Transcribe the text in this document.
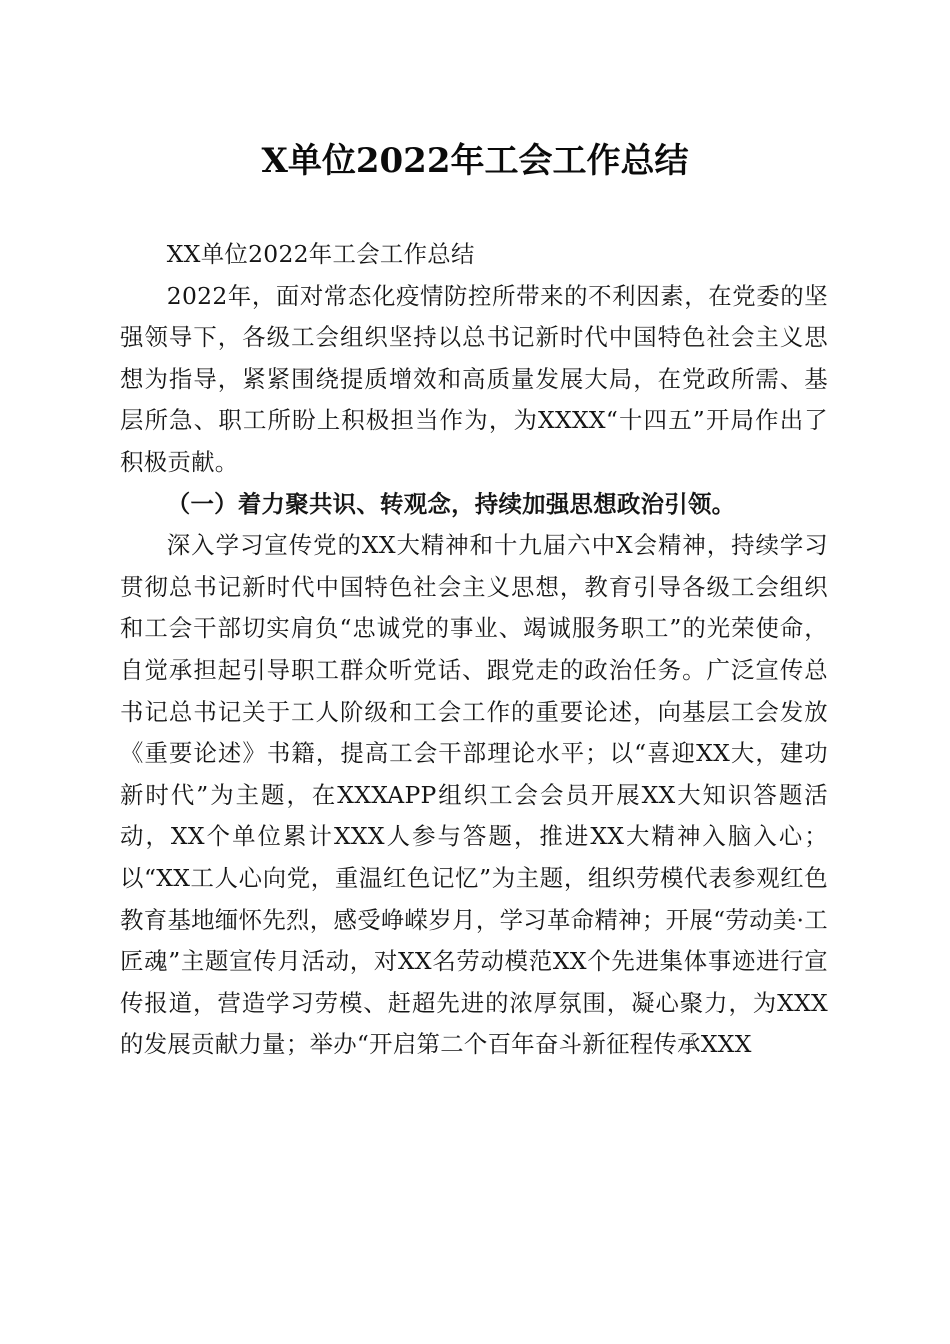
X单位2022年工会工作总结

XX单位2022年工会工作总结

2022年，面对常态化疫情防控所带来的不利因素，在党委的坚强领导下，各级工会组织坚持以总书记新时代中国特色社会主义思想为指导，紧紧围绕提质增效和高质量发展大局，在党政所需、基层所急、职工所盼上积极担当作为，为XXXX“十四五”开局作出了积极贡献。

（一）着力聚共识、转观念，持续加强思想政治引领。

深入学习宣传党的XX大精神和十九届六中X会精神，持续学习贯彻总书记新时代中国特色社会主义思想，教育引导各级工会组织和工会干部切实肩负“忠诚党的事业、竭诚服务职工”的光荣使命，自觉承担起引导职工群众听党话、跟党走的政治任务。广泛宣传总书记总书记关于工人阶级和工会工作的重要论述，向基层工会发放《重要论述》书籍，提高工会干部理论水平；以“喜迎XX大，建功新时代”为主题，在XXXAPP组织工会会员开展XX大知识答题活动，XX个单位累计XXX人参与答题，推进XX大精神入脑入心；以“XX工人心向党，重温红色记忆”为主题，组织劳模代表参观红色教育基地缅怀先烈，感受峥嵘岁月，学习革命精神；开展“劳动美·工匠魂”主题宣传月活动，对XX名劳动模范XX个先进集体事迹进行宣传报道，营造学习劳模、赶超先进的浓厚氛围，凝心聚力，为XXX的发展贡献力量；举办“开启第二个百年奋斗新征程传承XXX
